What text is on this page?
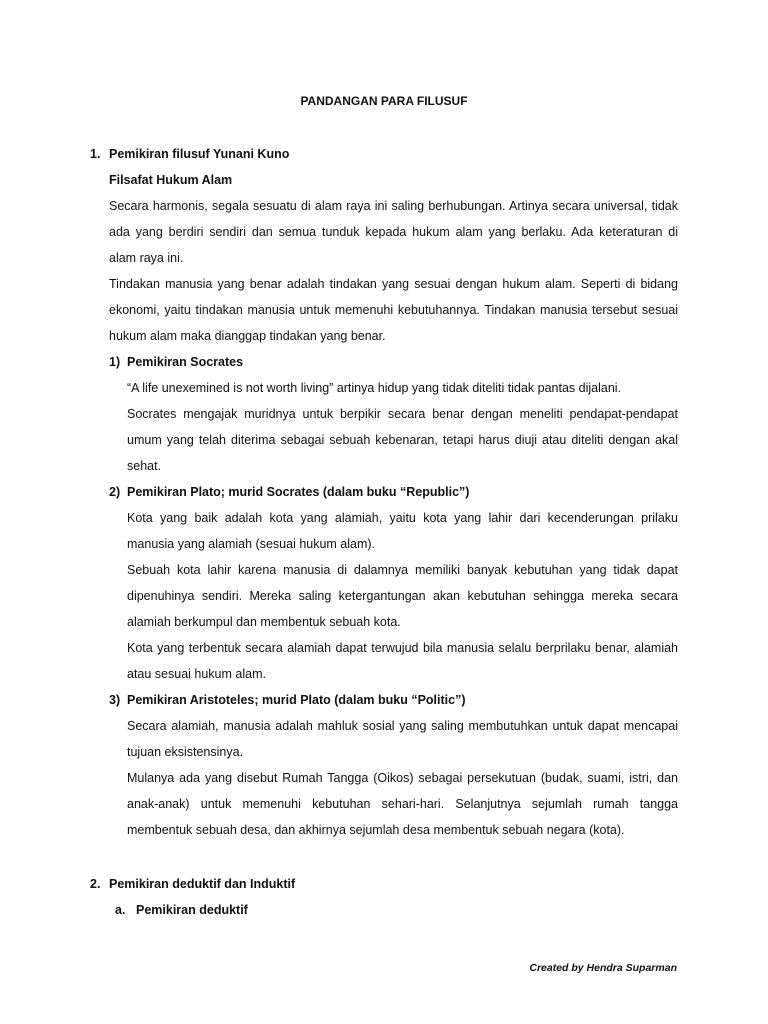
PANDANGAN PARA FILUSUF
1. Pemikiran filusuf Yunani Kuno
Filsafat Hukum Alam
Secara harmonis, segala sesuatu di alam raya ini saling berhubungan. Artinya secara universal, tidak
ada yang berdiri sendiri dan semua tunduk kepada hukum alam yang berlaku. Ada keteraturan di
alam raya ini.
Tindakan manusia yang benar adalah tindakan yang sesuai dengan hukum alam. Seperti di bidang
ekonomi, yaitu tindakan manusia untuk memenuhi kebutuhannya. Tindakan manusia tersebut sesuai
hukum alam maka dianggap tindakan yang benar.
1) Pemikiran Socrates
“A life unexemined is not worth living” artinya hidup yang tidak diteliti tidak pantas dijalani.
Socrates mengajak muridnya untuk berpikir secara benar dengan meneliti pendapat-pendapat
umum yang telah diterima sebagai sebuah kebenaran, tetapi harus diuji atau diteliti dengan akal
sehat.
2) Pemikiran Plato; murid Socrates (dalam buku “Republic”)
Kota yang baik adalah kota yang alamiah, yaitu kota yang lahir dari kecenderungan prilaku
manusia yang alamiah (sesuai hukum alam).
Sebuah kota lahir karena manusia di dalamnya memiliki banyak kebutuhan yang tidak dapat
dipenuhinya sendiri. Mereka saling ketergantungan akan kebutuhan sehingga mereka secara
alamiah berkumpul dan membentuk sebuah kota.
Kota yang terbentuk secara alamiah dapat terwujud bila manusia selalu berprilaku benar, alamiah
atau sesuai hukum alam.
3) Pemikiran Aristoteles; murid Plato (dalam buku “Politic”)
Secara alamiah, manusia adalah mahluk sosial yang saling membutuhkan untuk dapat mencapai
tujuan eksistensinya.
Mulanya ada yang disebut Rumah Tangga (Oikos) sebagai persekutuan (budak, suami, istri, dan
anak-anak) untuk memenuhi kebutuhan sehari-hari. Selanjutnya sejumlah rumah tangga
membentuk sebuah desa, dan akhirnya sejumlah desa membentuk sebuah negara (kota).
2. Pemikiran deduktif dan Induktif
a. Pemikiran deduktif
Created by Hendra Suparman
